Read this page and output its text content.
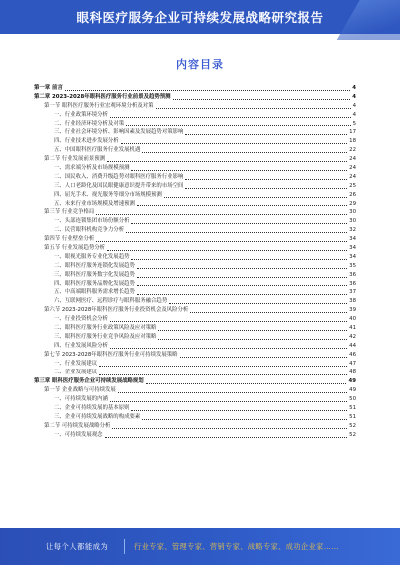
眼科医疗服务企业可持续发展战略研究报告
内容目录
第一章 前言	4
第二章 2023-2028年眼科医疗服务行业前景及趋势预测	4
第一节 眼科医疗服务行业宏观环境分析及对策	4
一、行业政策环境分析	4
二、行业经济环境分析及对策	5
三、行业社会环境分析、影响因素及发展趋势对策影响	17
四、行业技术进步发展分析	18
五、中国眼科医疗服务行业发展机遇	22
第二节 行业发展前景预测	24
一、需求端分析及市场规模预测	24
二、国民收入、消费升级趋势对眼科医疗服务行业影响	24
三、人口老龄化及国民眼健康意识提升带来的市场空间	25
四、屈光手术、视光服务等细分市场规模预测	26
五、未来行业市场规模及增速预测	29
第三节 行业竞争格局	30
一、头部连锁集团市场份额分析	30
二、民营眼科机构竞争力分析	32
第四节 行业壁垒分析	34
第五节 行业发展趋势分析	34
一、眼视光服务专业化发展趋势	34
二、眼科医疗服务连锁化发展趋势	35
三、眼科医疗服务数字化发展趋势	36
四、眼科医疗服务品牌化发展趋势	36
五、中高端眼科服务需求增长趋势	37
六、互联网医疗、远程诊疗与眼科服务融合趋势	38
第六节 2023-2028年眼科医疗服务行业投资机会及风险分析	39
一、行业投资机会分析	40
二、眼科医疗服务行业政策风险及应对策略	41
三、眼科医疗服务行业竞争风险及应对策略	42
四、行业发展风险分析	44
第七节 2023-2028年眼科医疗服务行业可持续发展策略	46
一、行业发展建议	47
二、企业发展建议	48
第三章 眼科医疗服务企业可持续发展战略规划	49
第一节 企业战略与可持续发展	49
一、可持续发展的内涵	50
二、企业可持续发展的基本原则	51
三、企业可持续发展战略的构成要素	51
第二节 可持续发展战略分析	52
一、可持续发展观念	52
让每个人都能成为	行业专家、管理专家、营销专家、战略专家、成功企业家……
